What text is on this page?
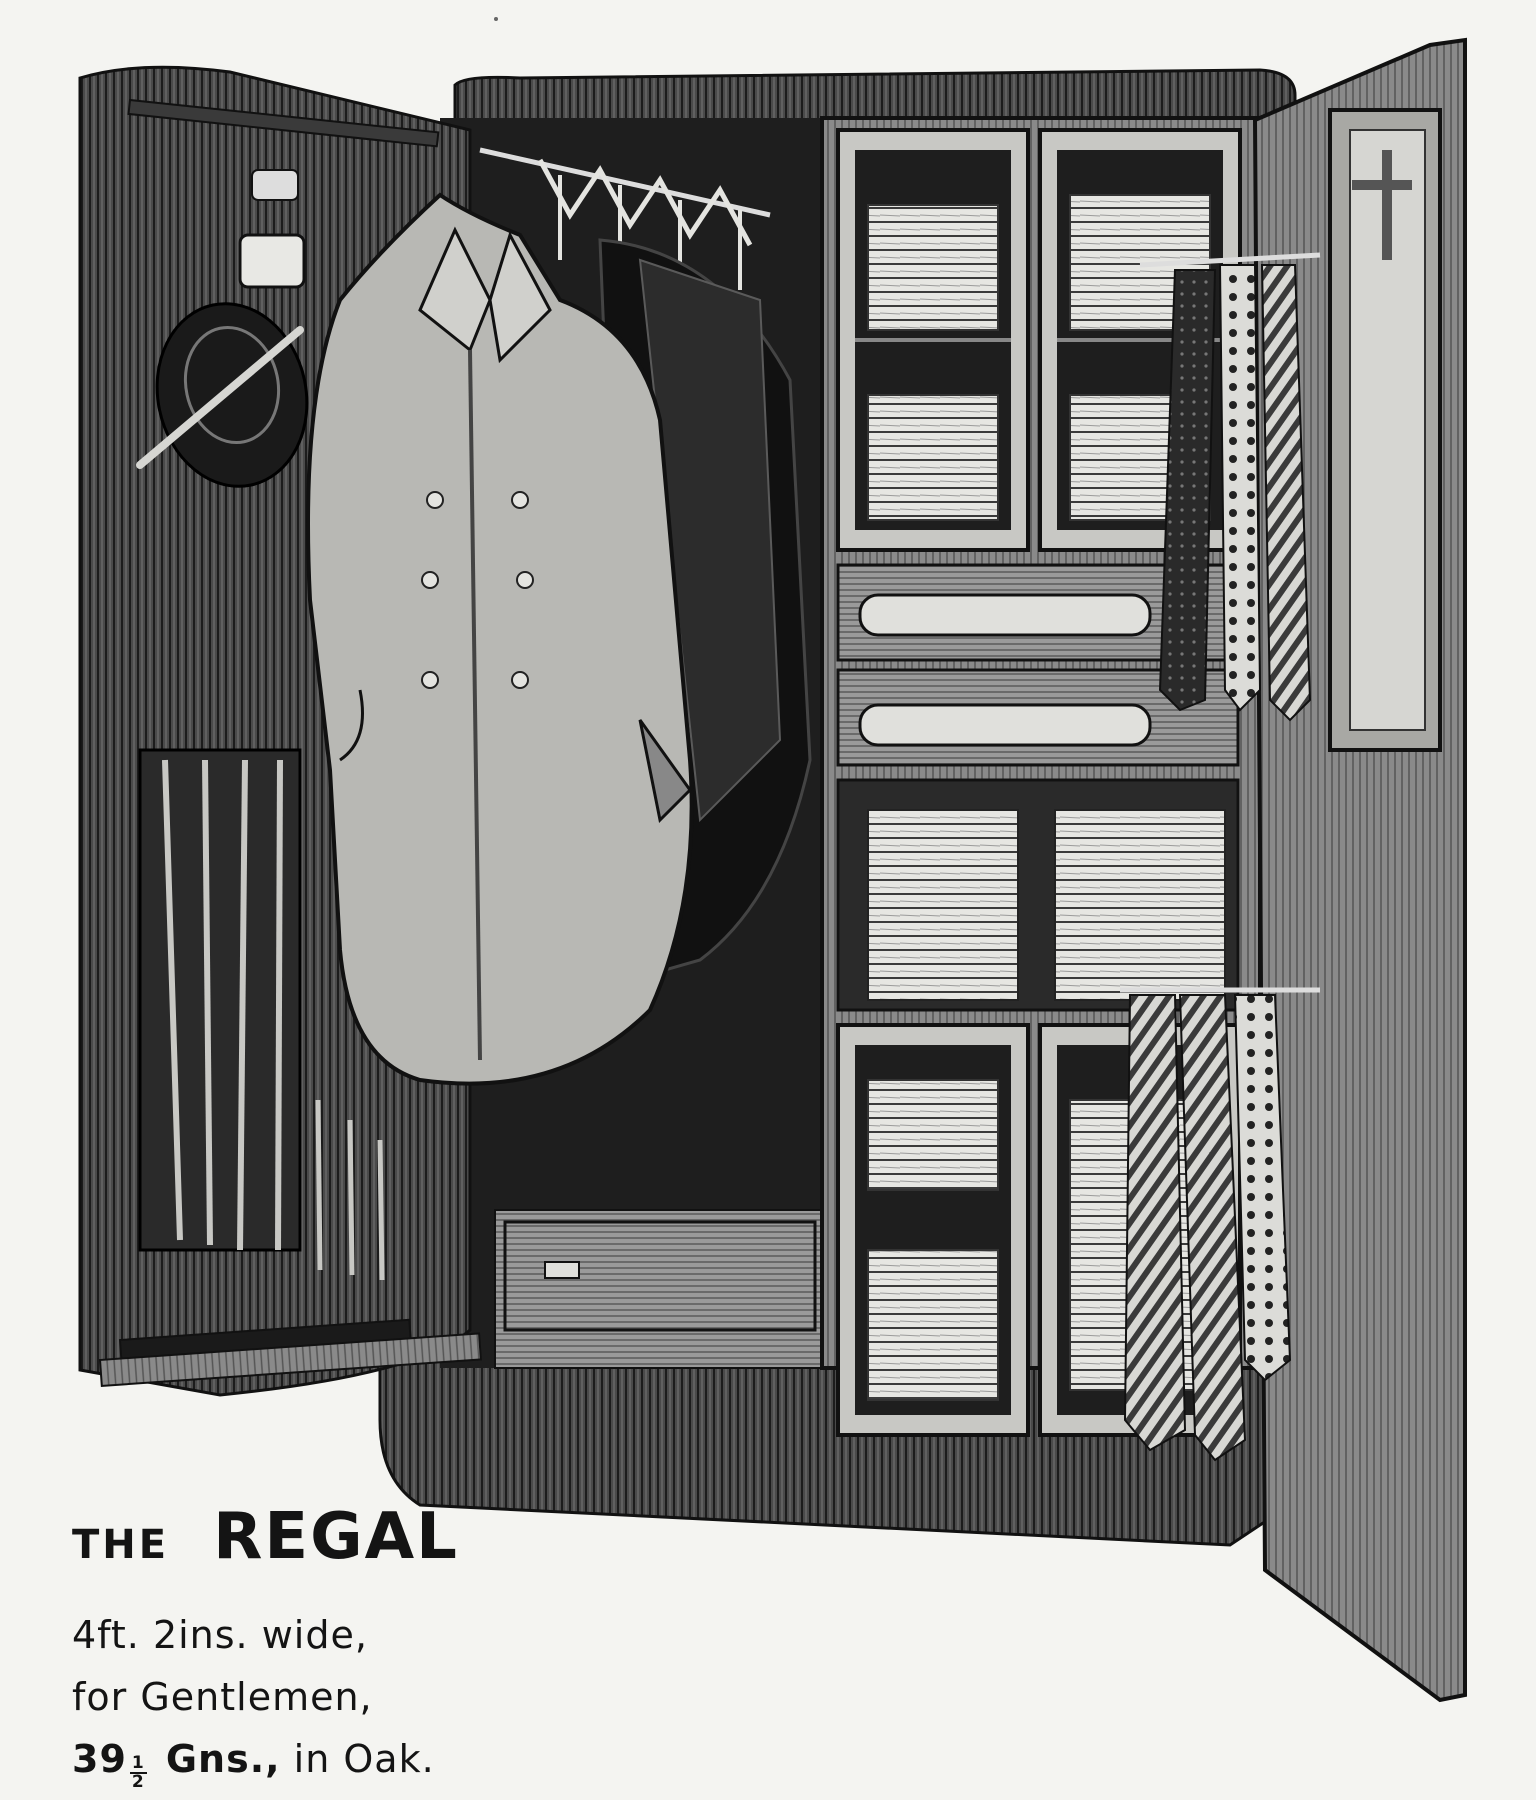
THE REGAL
4ft. 2ins. wide,
for Gentlemen,
$39 \frac{1}{2}$ Gns., in Oak.
